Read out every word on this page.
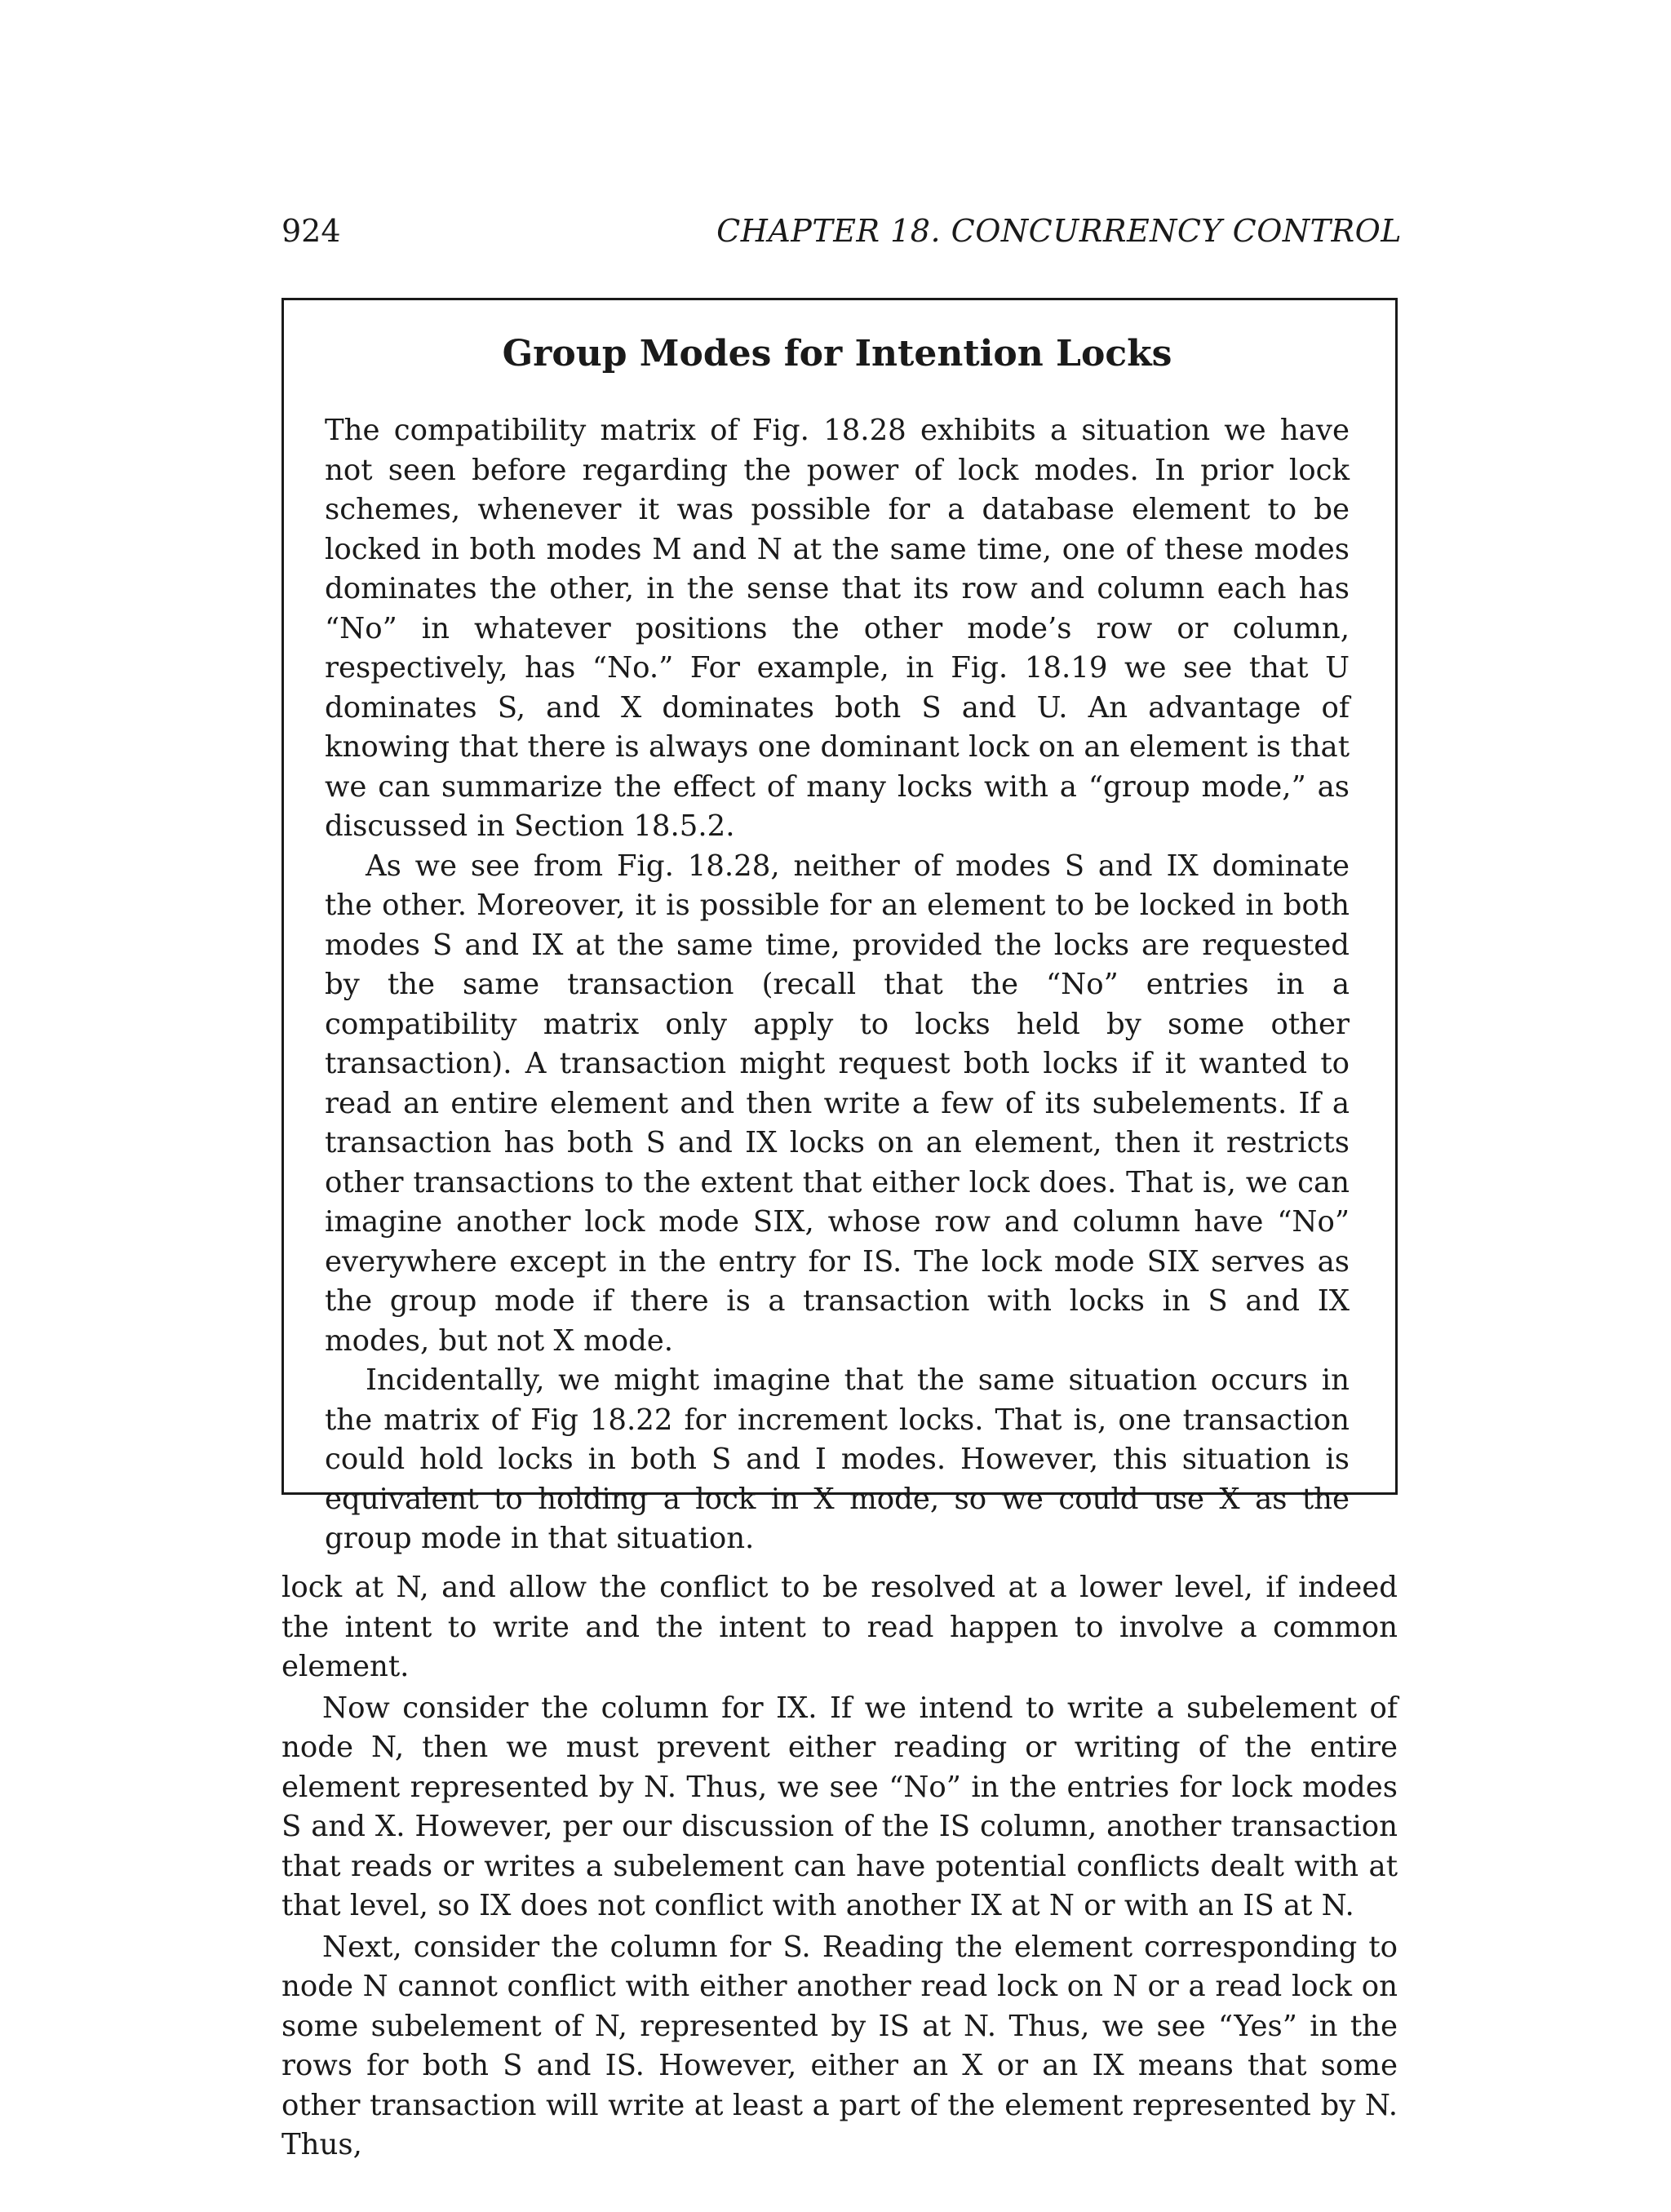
924	CHAPTER 18. CONCURRENCY CONTROL
Group Modes for Intention Locks

The compatibility matrix of Fig. 18.28 exhibits a situation we have not seen before regarding the power of lock modes. In prior lock schemes, whenever it was possible for a database element to be locked in both modes M and N at the same time, one of these modes dominates the other, in the sense that its row and column each has “No” in whatever positions the other mode’s row or column, respectively, has “No.” For example, in Fig. 18.19 we see that U dominates S, and X dominates both S and U. An advantage of knowing that there is always one dominant lock on an element is that we can summarize the effect of many locks with a “group mode,” as discussed in Section 18.5.2.

As we see from Fig. 18.28, neither of modes S and IX dominate the other. Moreover, it is possible for an element to be locked in both modes S and IX at the same time, provided the locks are requested by the same transaction (recall that the “No” entries in a compatibility matrix only apply to locks held by some other transaction). A transaction might request both locks if it wanted to read an entire element and then write a few of its subelements. If a transaction has both S and IX locks on an element, then it restricts other transactions to the extent that either lock does. That is, we can imagine another lock mode SIX, whose row and column have “No” everywhere except in the entry for IS. The lock mode SIX serves as the group mode if there is a transaction with locks in S and IX modes, but not X mode.

Incidentally, we might imagine that the same situation occurs in the matrix of Fig 18.22 for increment locks. That is, one transaction could hold locks in both S and I modes. However, this situation is equivalent to holding a lock in X mode, so we could use X as the group mode in that situation.

lock at N, and allow the conflict to be resolved at a lower level, if indeed the intent to write and the intent to read happen to involve a common element.

Now consider the column for IX. If we intend to write a subelement of node N, then we must prevent either reading or writing of the entire element represented by N. Thus, we see “No” in the entries for lock modes S and X. However, per our discussion of the IS column, another transaction that reads or writes a subelement can have potential conflicts dealt with at that level, so IX does not conflict with another IX at N or with an IS at N.

Next, consider the column for S. Reading the element corresponding to node N cannot conflict with either another read lock on N or a read lock on some subelement of N, represented by IS at N. Thus, we see “Yes” in the rows for both S and IS. However, either an X or an IX means that some other transaction will write at least a part of the element represented by N. Thus,
